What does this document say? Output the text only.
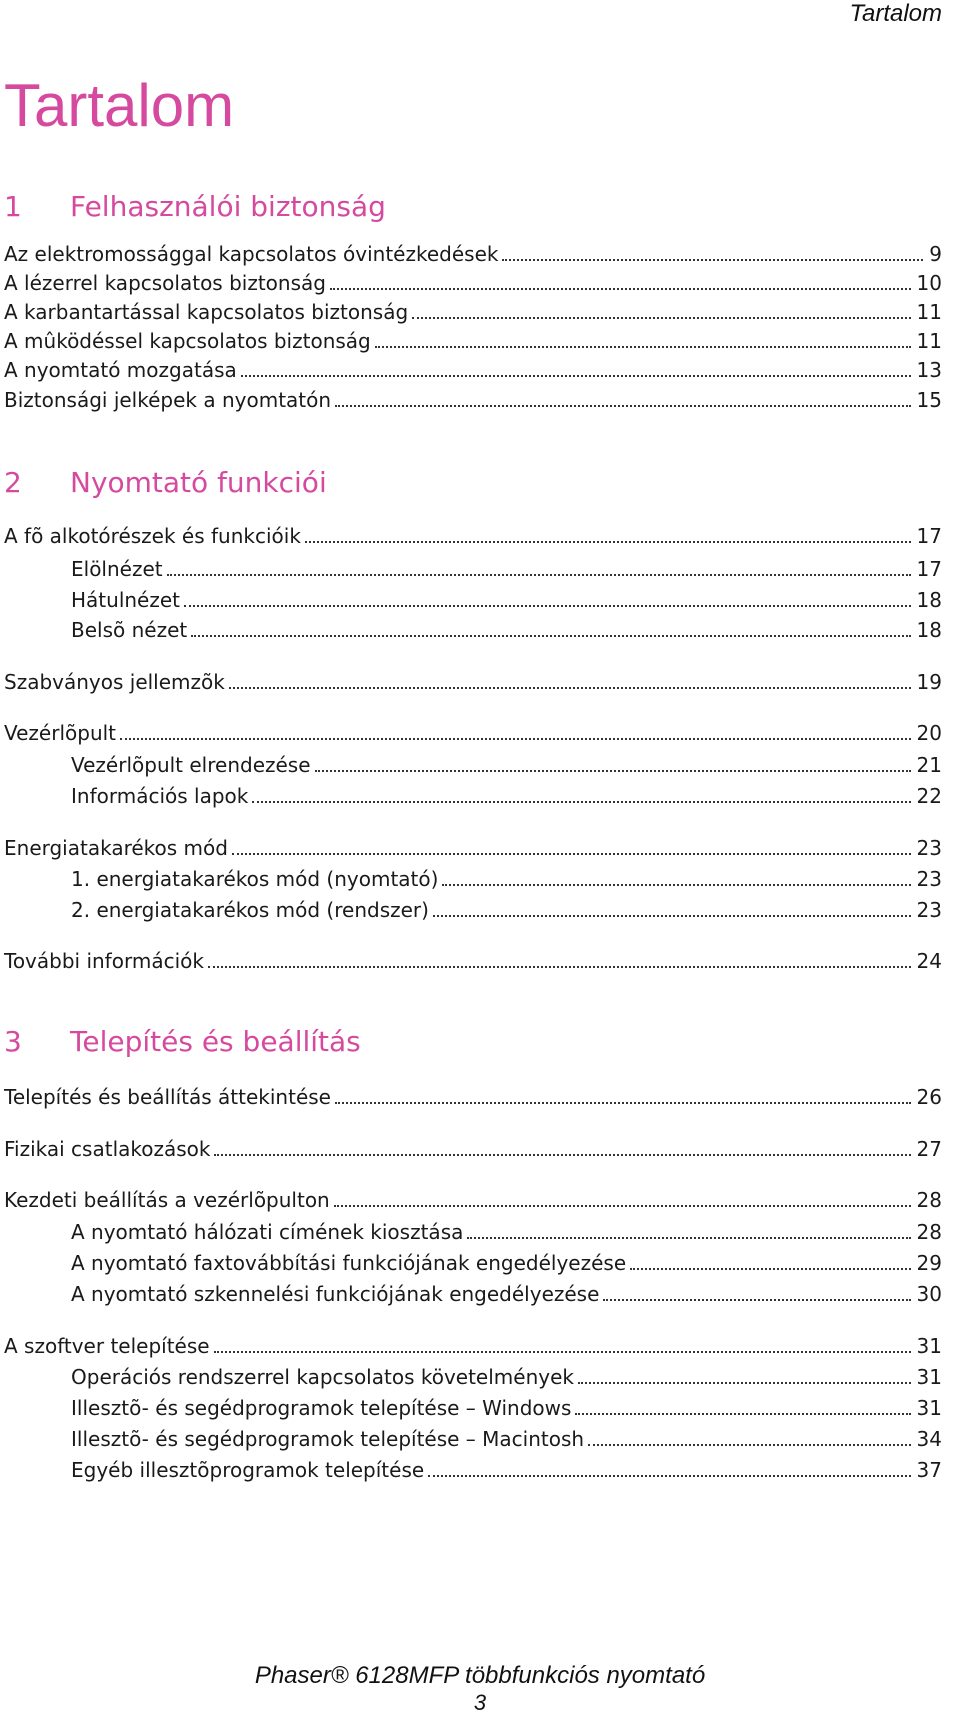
Tartalom
Tartalom
1	Felhasználói biztonság
Az elektromossággal kapcsolatos óvintézkedések	9
A lézerrel kapcsolatos biztonság	10
A karbantartással kapcsolatos biztonság	11
A mûködéssel kapcsolatos biztonság	11
A nyomtató mozgatása	13
Biztonsági jelképek a nyomtatón	15
2	Nyomtató funkciói
A fõ alkotórészek és funkcióik	17
Elölnézet	17
Hátulnézet	18
Belsõ nézet	18
Szabványos jellemzõk	19
Vezérlõpult	20
Vezérlõpult elrendezése	21
Információs lapok	22
Energiatakarékos mód	23
1. energiatakarékos mód (nyomtató)	23
2. energiatakarékos mód (rendszer)	23
További információk	24
3	Telepítés és beállítás
Telepítés és beállítás áttekintése	26
Fizikai csatlakozások	27
Kezdeti beállítás a vezérlõpulton	28
A nyomtató hálózati címének kiosztása	28
A nyomtató faxtovábbítási funkciójának engedélyezése	29
A nyomtató szkennelési funkciójának engedélyezése	30
A szoftver telepítése	31
Operációs rendszerrel kapcsolatos követelmények	31
Illesztõ- és segédprogramok telepítése – Windows	31
Illesztõ- és segédprogramok telepítése – Macintosh	34
Egyéb illesztõprogramok telepítése	37
Phaser® 6128MFP többfunkciós nyomtató
3
